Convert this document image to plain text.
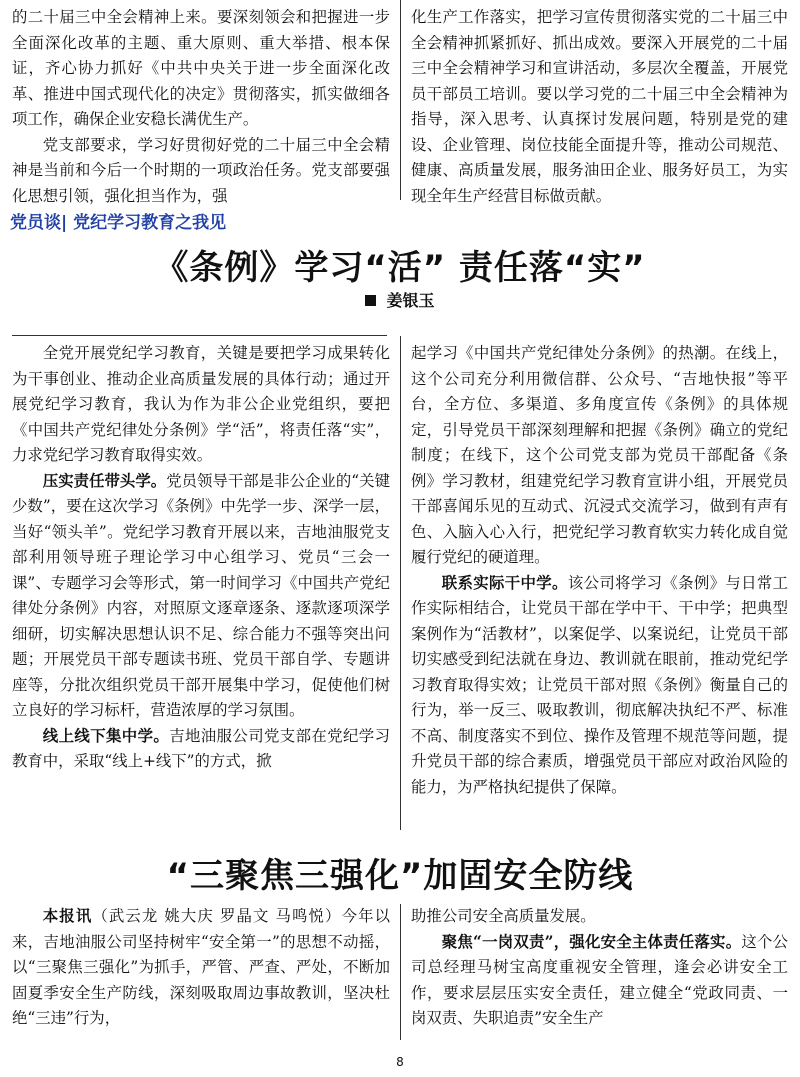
的二十届三中全会精神上来。要深刻领会和把握进一步全面深化改革的主题、重大原则、重大举措、根本保证，齐心协力抓好《中共中央关于进一步全面深化改革、推进中国式现代化的决定》贯彻落实，抓实做细各项工作，确保企业安稳长满优生产。

党支部要求，学习好贯彻好党的二十届三中全会精神是当前和今后一个时期的一项政治任务。党支部要强化思想引领，强化担当作为，强

化生产工作落实，把学习宣传贯彻落实党的二十届三中全会精神抓紧抓好、抓出成效。要深入开展党的二十届三中全会精神学习和宣讲活动，多层次全覆盖，开展党员干部员工培训。要以学习党的二十届三中全会精神为指导，深入思考、认真探讨发展问题，特别是党的建设、企业管理、岗位技能全面提升等，推动公司规范、健康、高质量发展，服务油田企业、服务好员工，为实现全年生产经营目标做贡献。

党员谈| 党纪学习教育之我见
《条例》学习“活” 责任落“实”
姜银玉

全党开展党纪学习教育，关键是要把学习成果转化为干事创业、推动企业高质量发展的具体行动；通过开展党纪学习教育，我认为作为非公企业党组织，要把《中国共产党纪律处分条例》学“活”，将责任落“实”，力求党纪学习教育取得实效。

压实责任带头学。党员领导干部是非公企业的“关键少数”，要在这次学习《条例》中先学一步、深学一层，当好“领头羊”。党纪学习教育开展以来，吉地油服党支部利用领导班子理论学习中心组学习、党员“三会一课”、专题学习会等形式，第一时间学习《中国共产党纪律处分条例》内容，对照原文逐章逐条、逐款逐项深学细研，切实解决思想认识不足、综合能力不强等突出问题；开展党员干部专题读书班、党员干部自学、专题讲座等，分批次组织党员干部开展集中学习，促使他们树立良好的学习标杆，营造浓厚的学习氛围。

线上线下集中学。吉地油服公司党支部在党纪学习教育中，采取“线上+线下”的方式，掀

起学习《中国共产党纪律处分条例》的热潮。在线上，这个公司充分利用微信群、公众号、“吉地快报”等平台，全方位、多渠道、多角度宣传《条例》的具体规定，引导党员干部深刻理解和把握《条例》确立的党纪制度；在线下，这个公司党支部为党员干部配备《条例》学习教材，组建党纪学习教育宣讲小组，开展党员干部喜闻乐见的互动式、沉浸式交流学习，做到有声有色、入脑入心入行，把党纪学习教育软实力转化成自觉履行党纪的硬道理。

联系实际干中学。该公司将学习《条例》与日常工作实际相结合，让党员干部在学中干、干中学；把典型案例作为“活教材”，以案促学、以案说纪，让党员干部切实感受到纪法就在身边、教训就在眼前，推动党纪学习教育取得实效；让党员干部对照《条例》衡量自己的行为，举一反三、吸取教训，彻底解决执纪不严、标准不高、制度落实不到位、操作及管理不规范等问题，提升党员干部的综合素质，增强党员干部应对政治风险的能力，为严格执纪提供了保障。

“三聚焦三强化”加固安全防线

本报讯（武云龙 姚大庆 罗晶文 马鸣悦）今年以来，吉地油服公司坚持树牢“安全第一”的思想不动摇，以“三聚焦三强化”为抓手，严管、严查、严处，不断加固夏季安全生产防线，深刻吸取周边事故教训，坚决杜绝“三违”行为，

助推公司安全高质量发展。

聚焦“一岗双责”，强化安全主体责任落实。这个公司总经理马树宝高度重视安全管理，逢会必讲安全工作，要求层层压实安全责任，建立健全“党政同责、一岗双责、失职追责”安全生产

8
